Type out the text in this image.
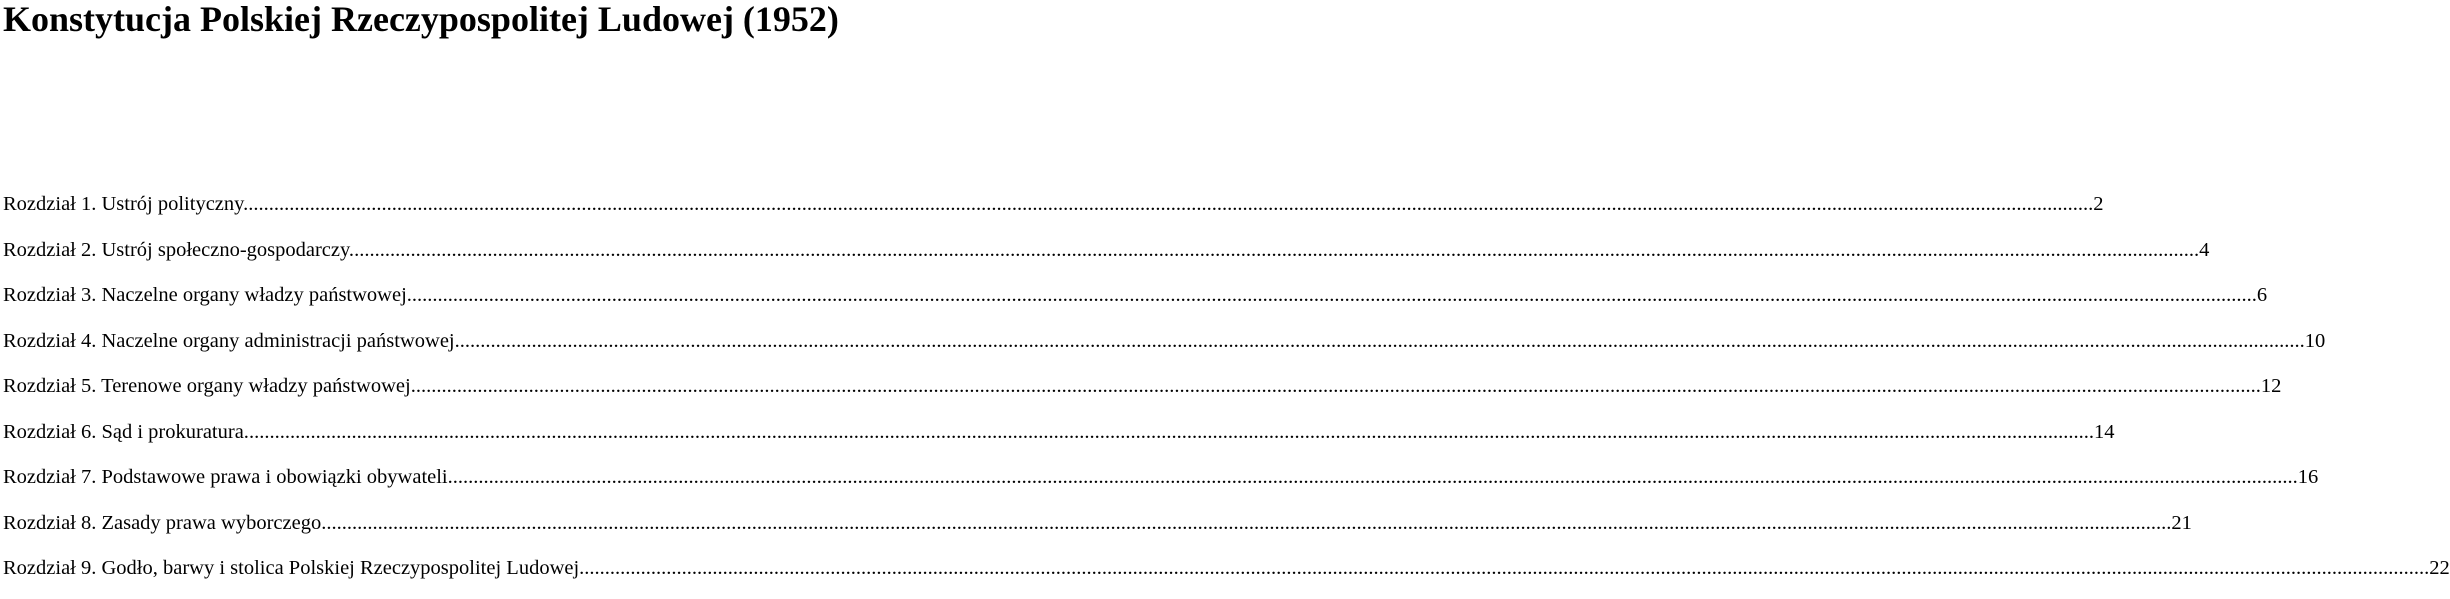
Konstytucja Polskiej Rzeczypospolitej Ludowej (1952)
Rozdział 1. Ustrój polityczny. .....	2
Rozdział 2. Ustrój społeczno-gospodarczy. .....	4
Rozdział 3. Naczelne organy władzy państwowej. .....	6
Rozdział 4. Naczelne organy administracji państwowej. .....	10
Rozdział 5. Terenowe organy władzy państwowej. .....	12
Rozdział 6. Sąd i prokuratura. .....	14
Rozdział 7. Podstawowe prawa i obowiązki obywateli. .....	16
Rozdział 8. Zasady prawa wyborczego. .....	21
Rozdział 9. Godło, barwy i stolica Polskiej Rzeczypospolitej Ludowej. .....	22
